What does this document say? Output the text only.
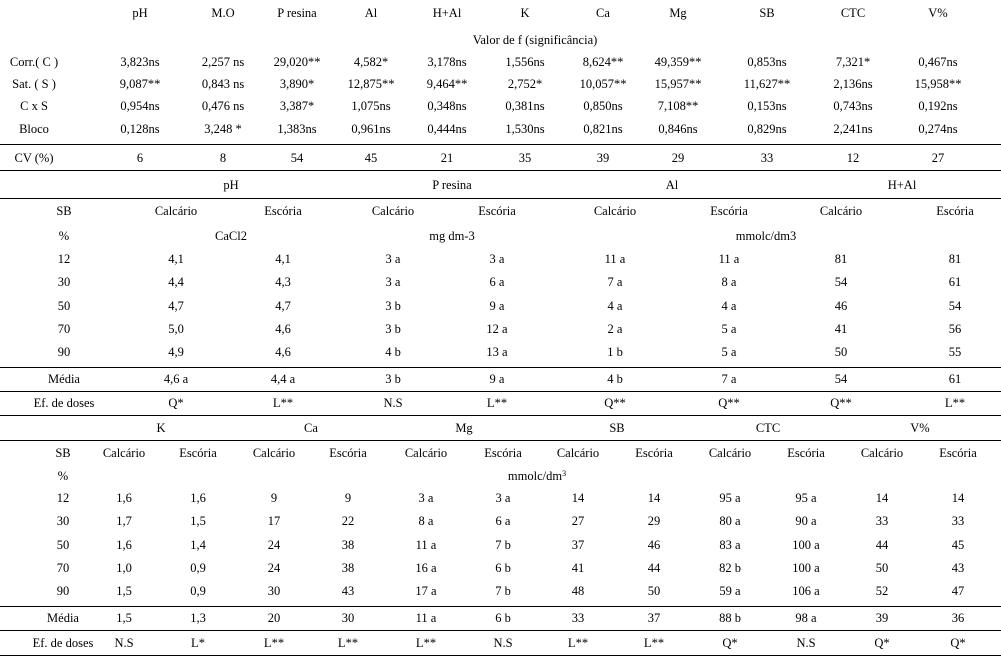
pH	M.O	P resina	Al	H+Al	K	Ca	Mg	SB	CTC	V%
Valor de f (significância)
Corr.( C )	3,823ns	2,257 ns 29,020**	4,582*	3,178ns	1,556ns	8,624**	49,359**	0,853ns	7,321*	0,467ns
Sat. ( S )	9,087**	0,843 ns	3,890*	12,875**	9,464**	2,752*	10,057** 15,957**	11,627**	2,136ns	15,958**
C x S	0,954ns	0,476 ns	3,387*	1,075ns	0,348ns	0,381ns	0,850ns	7,108**	0,153ns	0,743ns	0,192ns
Bloco	0,128ns	3,248 *	1,383ns	0,961ns	0,444ns	1,530ns	0,821ns	0,846ns	0,829ns	2,241ns	0,274ns
CV (%)	6	8	54	45	21	35	39	29	33	12	27
pH	P resina	Al	H+Al
SB	Calcário	Escória	Calcário	Escória	Calcário	Escória	Calcário	Escória
%	CaCl2	mg dm-3	mmolc/dm3
12	4,1	4,1	3 a	3 a	11 a	11 a	81	81
30	4,4	4,3	3 a	6 a	7 a	8 a	54	61
50	4,7	4,7	3 b	9 a	4 a	4 a	46	54
70	5,0	4,6	3 b	12 a	2 a	5 a	41	56
90	4,9	4,6	4 b	13 a	1 b	5 a	50	55
Média	4,6 a	4,4 a	3 b	9 a	4 b	7 a	54	61
Ef. de doses	Q*	L**	N.S	L**	Q**	Q**	Q**	L**
K	Ca	Mg	SB	CTC	V%
SB	Calcário	Escória	Calcário	Escória	Calcário	Escória	Calcário	Escória	Calcário	Escória	Calcário	Escória
%	mmolc/$dm^3$
12	1,6	1,6	9	9	3 a	3 a	14	14	95 a	95 a	14	14
30	1,7	1,5	17	22	8 a	6 a	27	29	80 a	90 a	33	33
50	1,6	1,4	24	38	11 a	7 b	37	46	83 a	100 a	44	45
70	1,0	0,9	24	38	16 a	6 b	41	44	82 b	100 a	50	43
90	1,5	0,9	30	43	17 a	7 b	48	50	59 a	106 a	52	47
Média	1,5	1,3	20	30	11 a	6 b	33	37	88 b	98 a	39	36
Ef. de doses N.S	L*	L**	L**	L**	N.S	L**	L**	Q*	N.S	Q*	Q*
